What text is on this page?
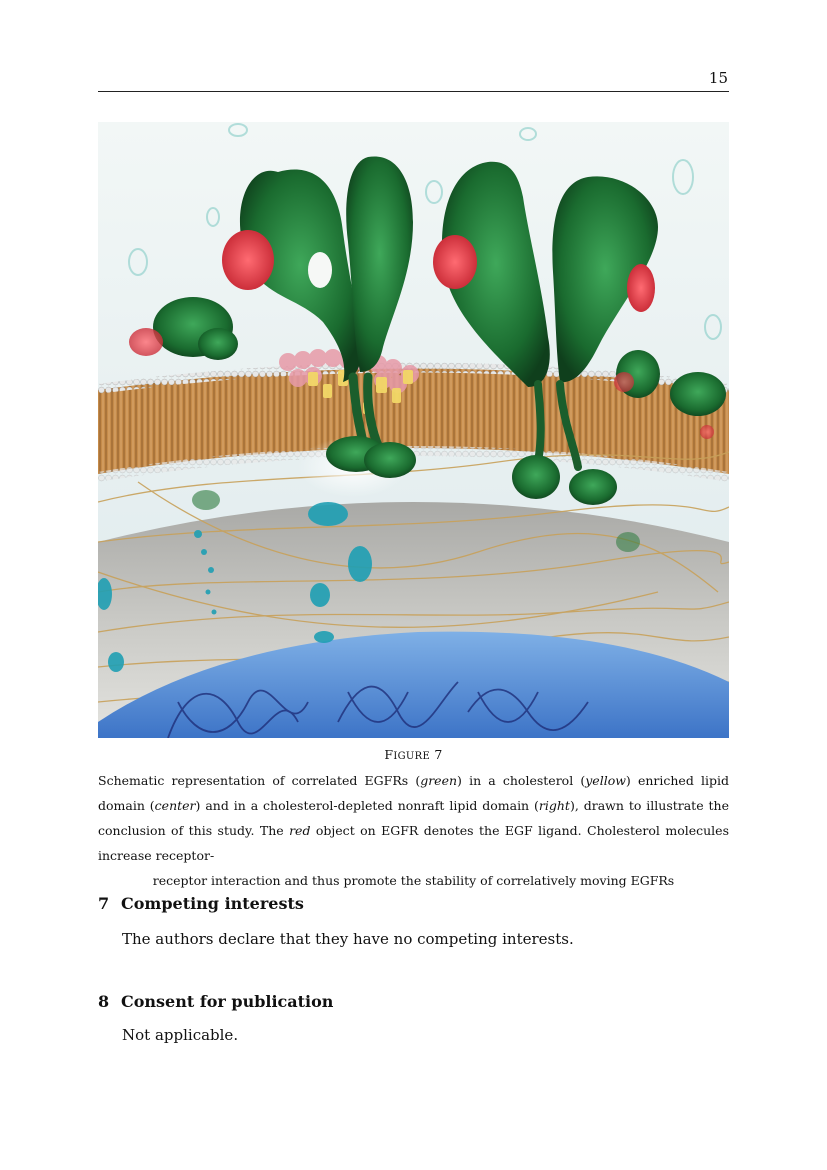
15
FIGURE 7

Schematic representation of correlated EGFRs (green) in a cholesterol (yellow) enriched lipid domain (center) and in a cholesterol-depleted nonraft lipid domain (right), drawn to illustrate the conclusion of this study. The red object on EGFR denotes the EGF ligand. Cholesterol molecules increase receptor-
receptor interaction and thus promote the stability of correlatively moving EGFRs

7 Competing interests
The authors declare that they have no competing interests.
8 Consent for publication
Not applicable.
